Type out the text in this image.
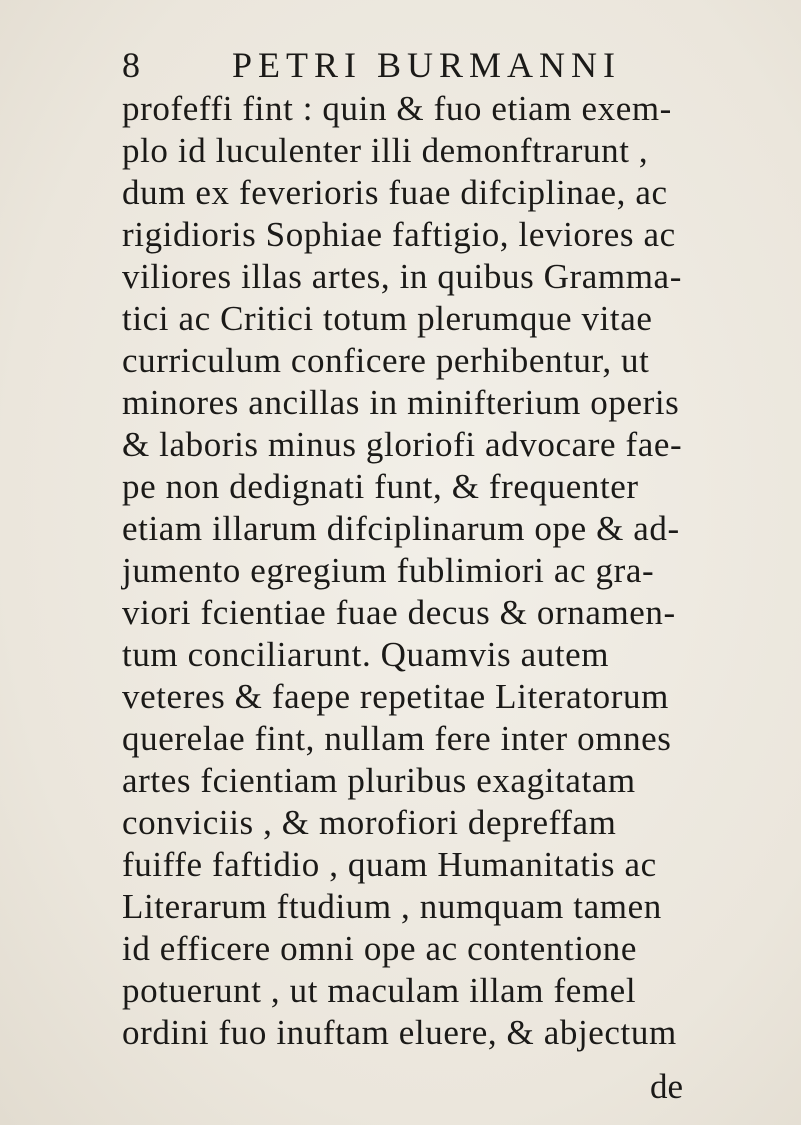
8	PETRI BURMANNI
profeffi fint : quin & fuo etiam exem-
plo id luculenter illi demonftrarunt ,
dum ex feverioris fuae difciplinae, ac
rigidioris Sophiae faftigio, leviores ac
viliores illas artes, in quibus Gramma-
tici ac Critici totum plerumque vitae
curriculum conficere perhibentur, ut
minores ancillas in minifterium operis
& laboris minus gloriofi advocare fae-
pe non dedignati funt, & frequenter
etiam illarum difciplinarum ope & ad-
jumento egregium fublimiori ac gra-
viori fcientiae fuae decus & ornamen-
tum conciliarunt. Quamvis autem
veteres & faepe repetitae Literatorum
querelae fint, nullam fere inter omnes
artes fcientiam pluribus exagitatam
conviciis , & morofiori depreffam
fuiffe faftidio , quam Humanitatis ac
Literarum ftudium , numquam tamen
id efficere omni ope ac contentione
potuerunt , ut maculam illam femel
ordini fuo inuftam eluere, & abjectum
de
